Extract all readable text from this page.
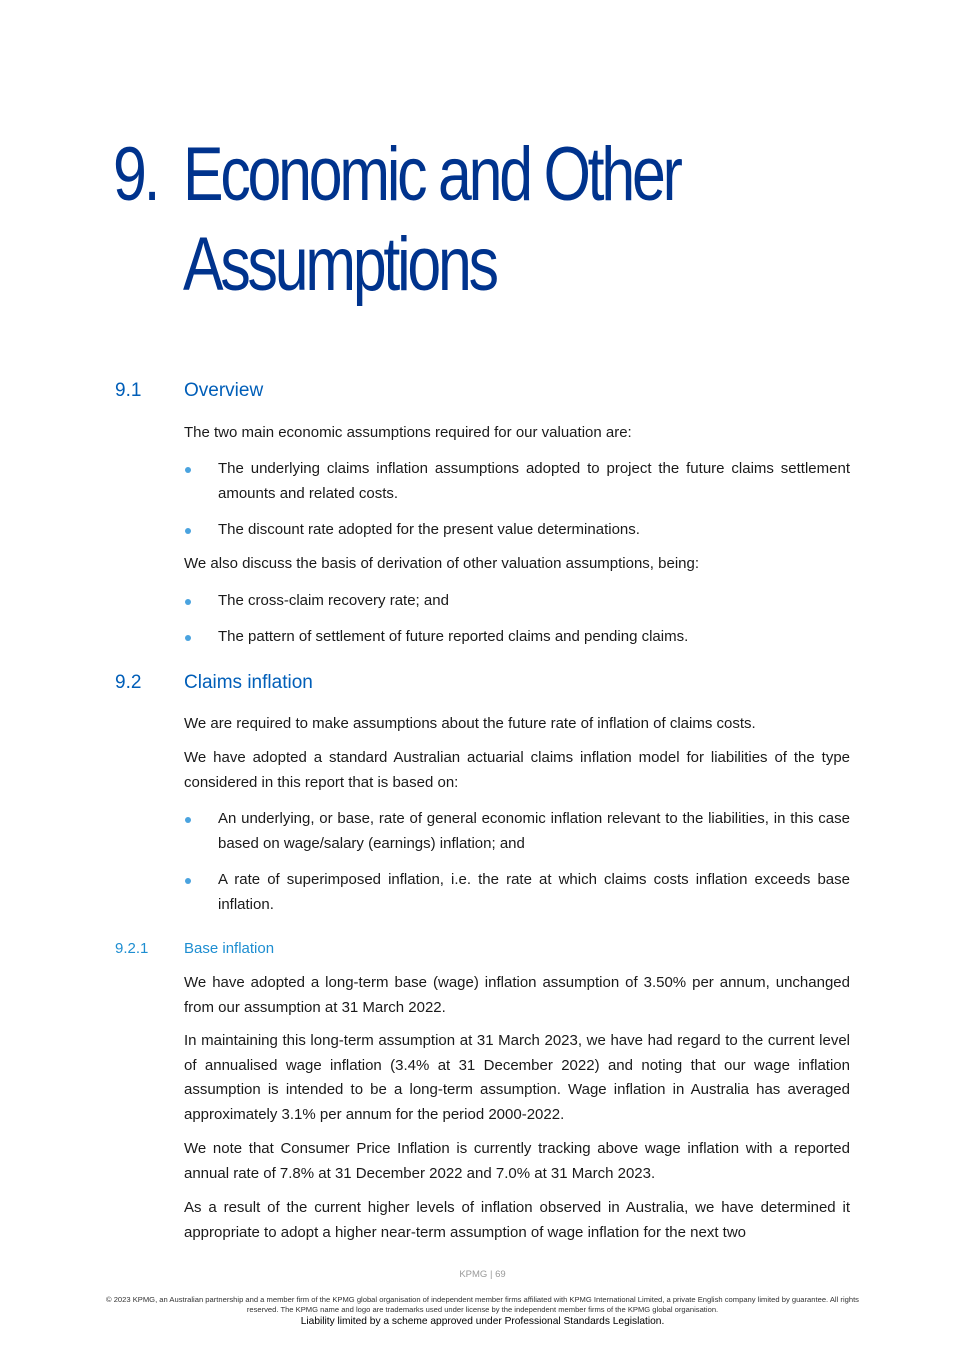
9. Economic and Other
Assumptions
9.1 Overview

The two main economic assumptions required for our valuation are:

The underlying claims inflation assumptions adopted to project the future claims settlement amounts and related costs.

The discount rate adopted for the present value determinations.

We also discuss the basis of derivation of other valuation assumptions, being:

The cross-claim recovery rate; and

The pattern of settlement of future reported claims and pending claims.

9.2 Claims inflation

We are required to make assumptions about the future rate of inflation of claims costs.

We have adopted a standard Australian actuarial claims inflation model for liabilities of the type considered in this report that is based on:

An underlying, or base, rate of general economic inflation relevant to the liabilities, in this case based on wage/salary (earnings) inflation; and

A rate of superimposed inflation, i.e. the rate at which claims costs inflation exceeds base inflation.

9.2.1 Base inflation

We have adopted a long-term base (wage) inflation assumption of 3.50% per annum, unchanged from our assumption at 31 March 2022.

In maintaining this long-term assumption at 31 March 2023, we have had regard to the current level of annualised wage inflation (3.4% at 31 December 2022) and noting that our wage inflation assumption is intended to be a long-term assumption. Wage inflation in Australia has averaged approximately 3.1% per annum for the period 2000-2022.

We note that Consumer Price Inflation is currently tracking above wage inflation with a reported annual rate of 7.8% at 31 December 2022 and 7.0% at 31 March 2023.

As a result of the current higher levels of inflation observed in Australia, we have determined it appropriate to adopt a higher near-term assumption of wage inflation for the next two

KPMG | 69

© 2023 KPMG, an Australian partnership and a member firm of the KPMG global organisation of independent member firms affiliated with KPMG International Limited, a private English company limited by guarantee. All rights reserved. The KPMG name and logo are trademarks used under license by the independent member firms of the KPMG global organisation.

Liability limited by a scheme approved under Professional Standards Legislation.
